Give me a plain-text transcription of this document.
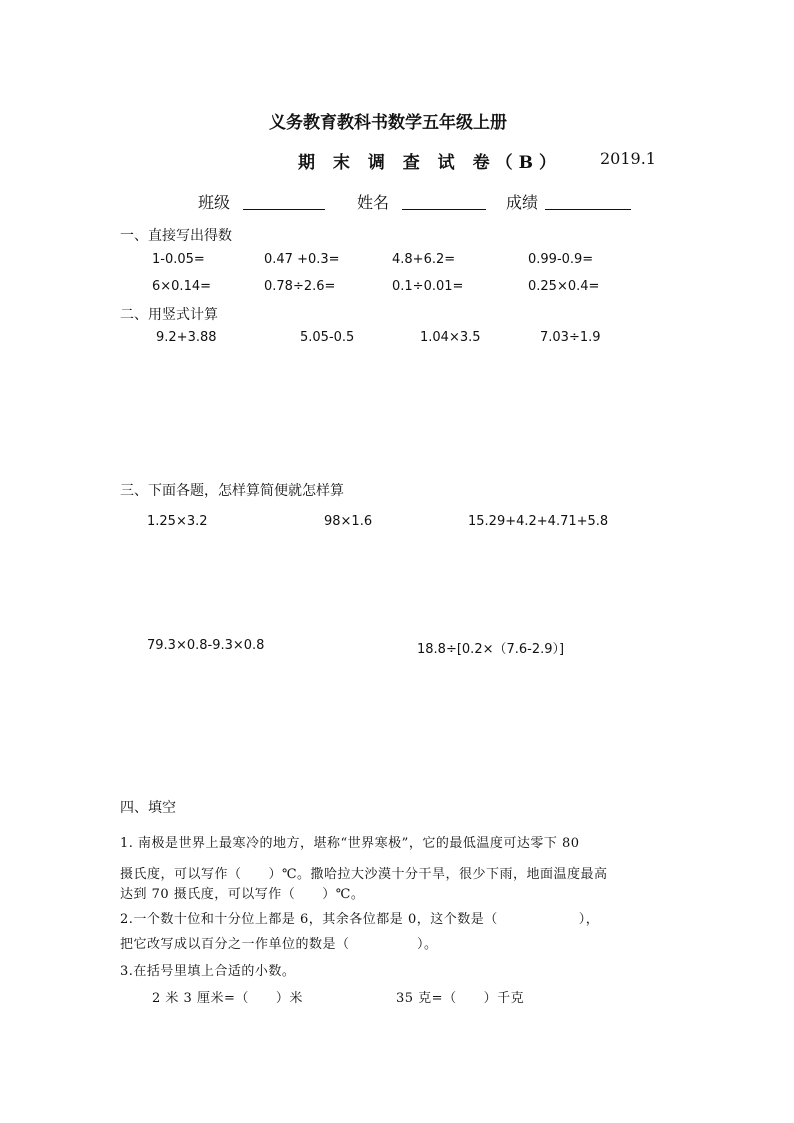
义务教育教科书数学五年级上册
期 末 调 查 试 卷（B） 2019.1
班级	姓名	成绩
一、直接写出得数
1-0.05=	0.47 +0.3=	4.8+6.2=	0.99-0.9=
6×0.14=	0.78÷2.6=	0.1÷0.01=	0.25×0.4=
二、用竖式计算
9.2+3.88	5.05-0.5	1.04×3.5	7.03÷1.9
三、下面各题，怎样算简便就怎样算
1.25×3.2	98×1.6	15.29+4.2+4.71+5.8
79.3×0.8-9.3×0.8	18.8÷[0.2×（7.6-2.9）]
四、填空
1. 南极是世界上最寒冷的地方，堪称“世界寒极”，它的最低温度可达零下 80
摄氏度，可以写作（　　）℃。撒哈拉大沙漠十分干旱，很少下雨，地面温度最高
达到 70 摄氏度，可以写作（　　）℃。
2.一个数十位和十分位上都是 6，其余各位都是 0，这个数是（　　　　　　），
把它改写成以百分之一作单位的数是（　　　　　）。
3.在括号里填上合适的小数。
2 米 3 厘米=（　　）米	35 克=（　　）千克
